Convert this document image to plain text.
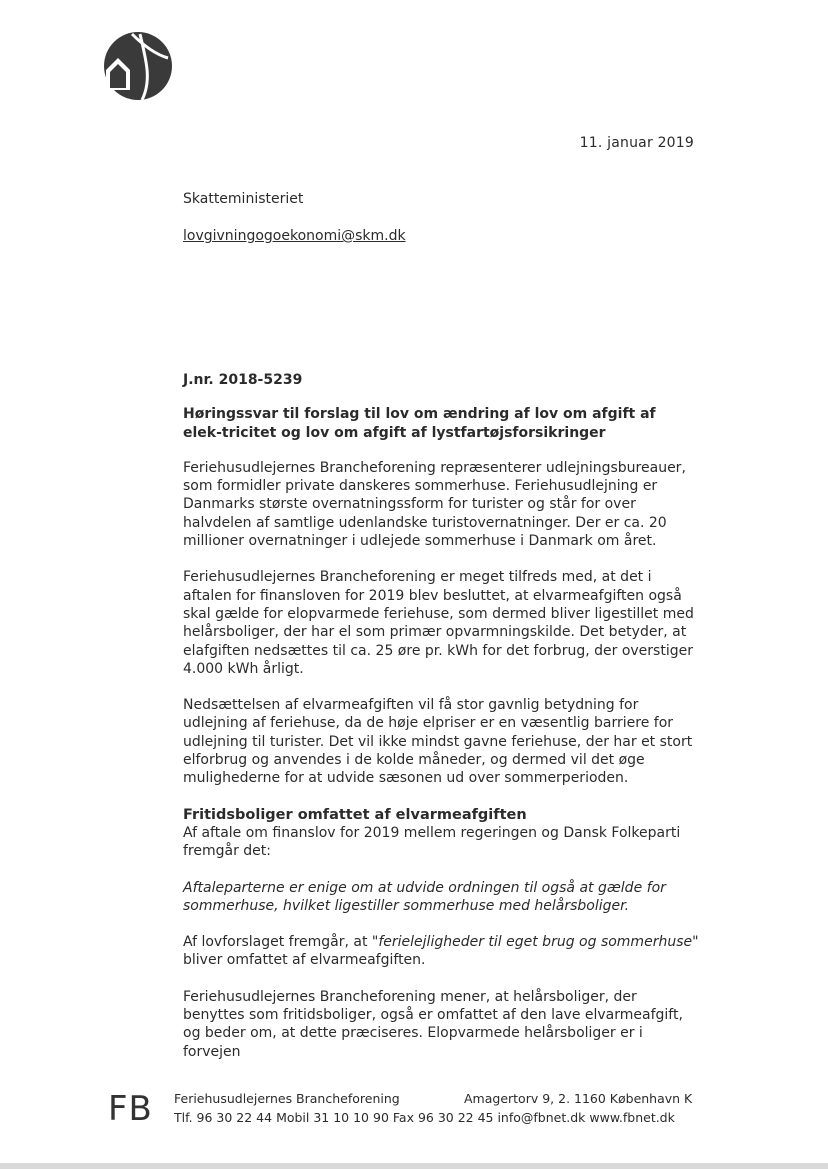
11. januar 2019
Skatteministeriet
lovgivningogoekonomi@skm.dk
J.nr. 2018-5239
Høringssvar til forslag til lov om ændring af lov om afgift af elek-tricitet og lov om afgift af lystfartøjsforsikringer

Feriehusudlejernes Brancheforening repræsenterer udlejningsbureauer, som formidler private danskeres sommerhuse. Feriehusudlejning er Danmarks største overnatningssform for turister og står for over halvdelen af samtlige udenlandske turistovernatninger. Der er ca. 20 millioner overnatninger i udlejede sommerhuse i Danmark om året.

Feriehusudlejernes Brancheforening er meget tilfreds med, at det i aftalen for finansloven for 2019 blev besluttet, at elvarmeafgiften også skal gælde for elopvarmede feriehuse, som dermed bliver ligestillet med helårsboliger, der har el som primær opvarmningskilde. Det betyder, at elafgiften nedsættes til ca. 25 øre pr. kWh for det forbrug, der overstiger 4.000 kWh årligt.

Nedsættelsen af elvarmeafgiften vil få stor gavnlig betydning for udlejning af feriehuse, da de høje elpriser er en væsentlig barriere for udlejning til turister. Det vil ikke mindst gavne feriehuse, der har et stort elforbrug og anvendes i de kolde måneder, og dermed vil det øge mulighederne for at udvide sæsonen ud over sommerperioden.

Fritidsboliger omfattet af elvarmeafgiften

Af aftale om finanslov for 2019 mellem regeringen og Dansk Folkeparti fremgår det:

Aftaleparterne er enige om at udvide ordningen til også at gælde for sommerhuse, hvilket ligestiller sommerhuse med helårsboliger.

Af lovforslaget fremgår, at "ferielejligheder til eget brug og sommerhuse" bliver omfattet af elvarmeafgiften.

Feriehusudlejernes Brancheforening mener, at helårsboliger, der benyttes som fritidsboliger, også er omfattet af den lave elvarmeafgift, og beder om, at dette præciseres. Elopvarmede helårsboliger er i forvejen

FB Feriehusudlejernes Brancheforening	Amagertorv 9, 2. 1160 København K
Tlf. 96 30 22 44 Mobil 31 10 10 90 Fax 96 30 22 45 info@fbnet.dk www.fbnet.dk
